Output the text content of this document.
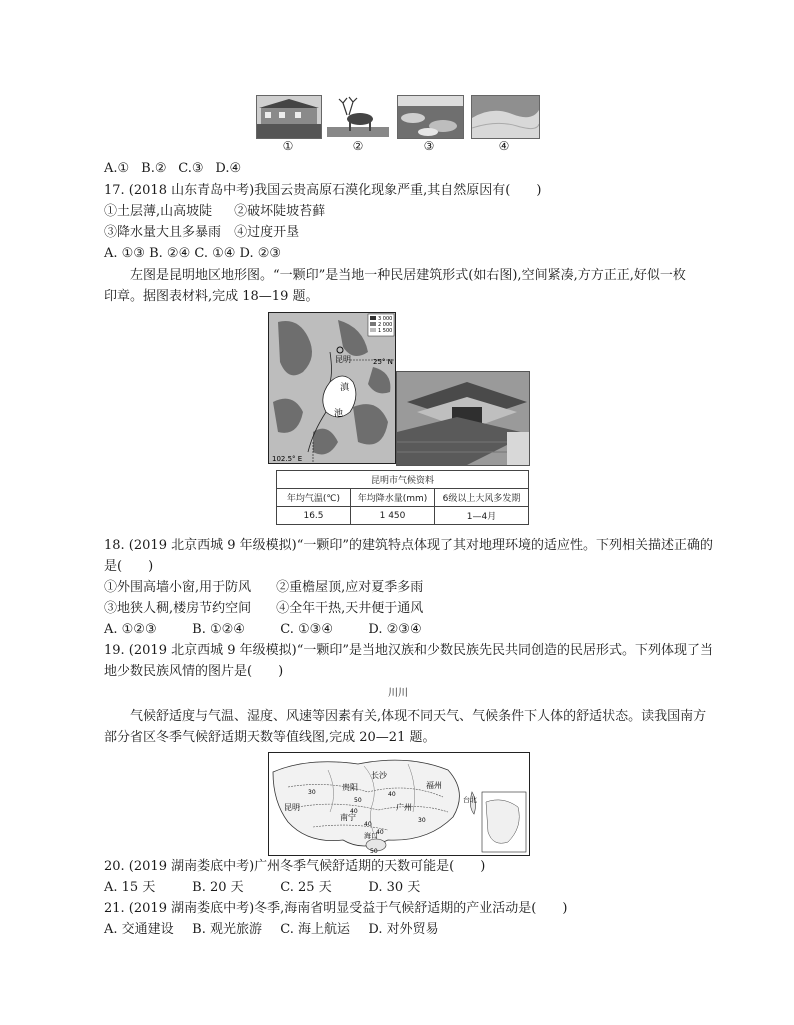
①	②	③	④
A.① B.② C.③ D.④
17. (2018 山东青岛中考)我国云贵高原石漠化现象严重,其自然原因有(　　)
①土层薄,山高坡陡 ②破坏陡坡苔藓
③降水量大且多暴雨 ④过度开垦
A. ①③ B. ②④ C. ①④ D. ②③
左图是昆明地区地形图。“一颗印”是当地一种民居建筑形式(如右图),空间紧凑,方方正正,好似一枚
印章。据图表材料,完成 18—19 题。
3 000
2 000
1 500
昆明
滇
池
25° N
102.5° E
昆明市气候资料		
年均气温(℃)	年均降水量(mm)	6级以上大风多发期
16.5	1 450	1—4月
18. (2019 北京西城 9 年级模拟)“一颗印”的建筑特点体现了其对地理环境的适应性。下列相关描述正确的
是(　　)
①外围高墙小窗,用于防风 ②重檐屋顶,应对夏季多雨
③地狭人稠,楼房节约空间 ④全年干热,天井便于通风
A. ①②③	B. ①②④	C. ①③④	D. ②③④
19. (2019 北京西城 9 年级模拟)“一颗印”是当地汉族和少数民族先民共同创造的民居形式。下列体现了当
地少数民族风情的图片是(　　)
川川
气候舒适度与气温、湿度、风速等因素有关,体现不同天气、气候条件下人体的舒适状态。读我国南方
部分省区冬季气候舒适期天数等值线图,完成 20—21 题。
长沙
贵阳	福州
昆明
南宁
广州
台北
海口
50
40
30	40
40
30
40
50
20. (2019 湖南娄底中考)广州冬季气候舒适期的天数可能是(　　)
A. 15 天	B. 20 天	C. 25 天	D. 30 天
21. (2019 湖南娄底中考)冬季,海南省明显受益于气候舒适期的产业活动是(　　)
A. 交通建设 B. 观光旅游 C. 海上航运 D. 对外贸易
